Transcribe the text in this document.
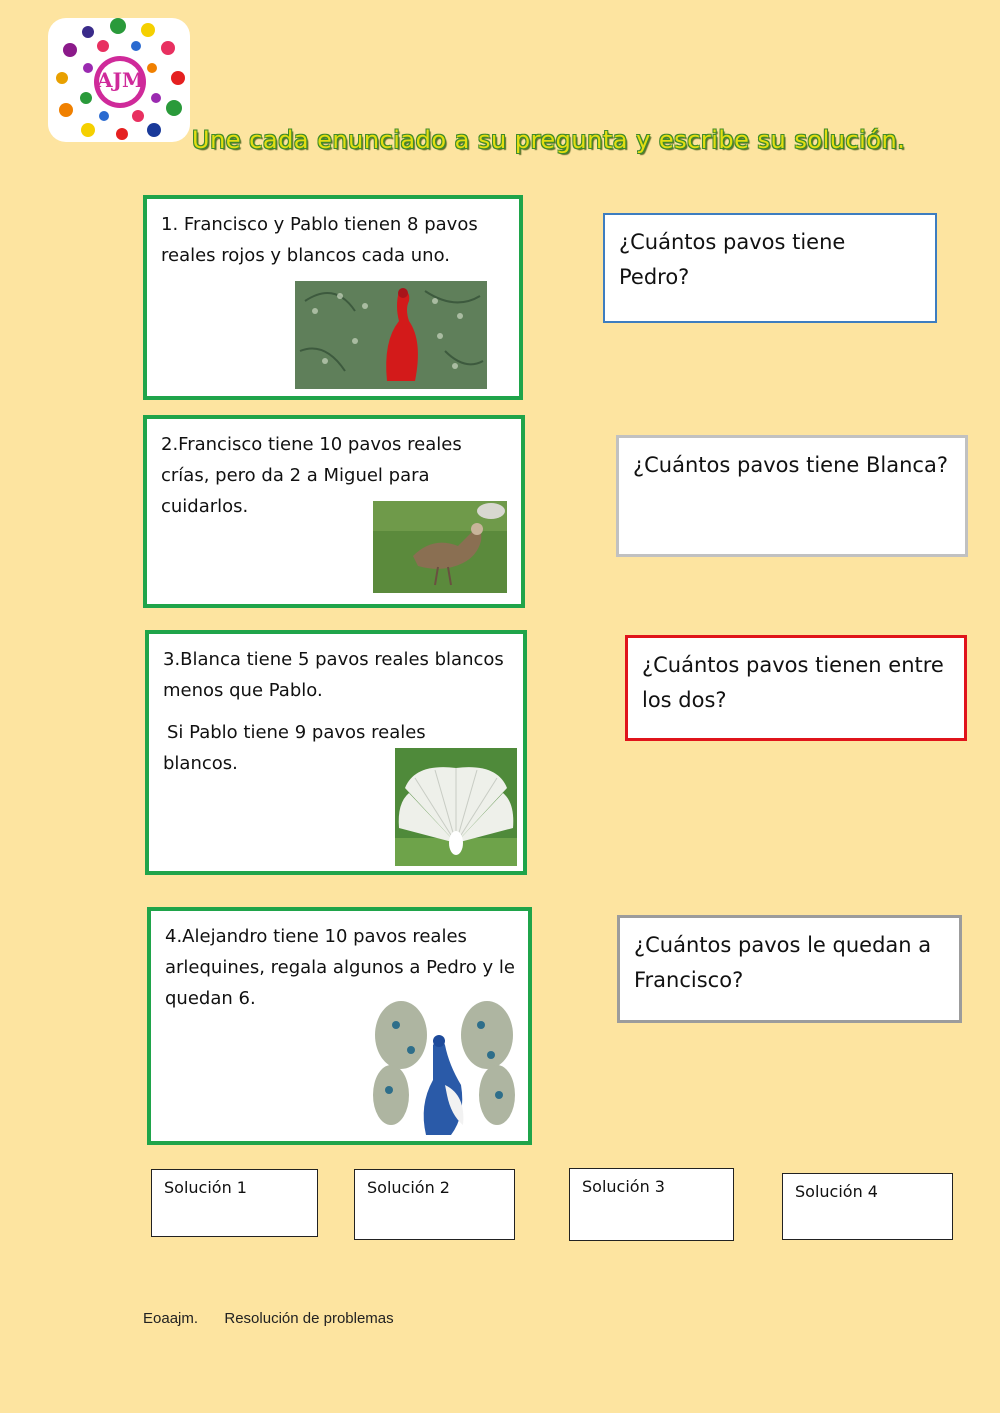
AJM
Une cada enunciado a su pregunta y escribe su solución.

1. Francisco y Pablo tienen 8 pavos reales rojos y blancos cada uno.

2.Francisco tiene 10 pavos reales crías, pero da 2 a Miguel para cuidarlos.

3.Blanca tiene 5 pavos reales blancos menos que Pablo.

Si Pablo tiene 9 pavos reales blancos.

4.Alejandro tiene 10 pavos reales arlequines, regala algunos a Pedro y le quedan 6.

¿Cuántos pavos tiene Pedro?
¿Cuántos pavos tiene Blanca?
¿Cuántos pavos tienen entre los dos?
¿Cuántos pavos le quedan a Francisco?
Solución 1	Solución 2	Solución 3	Solución 4
Eoaajm. Resolución de problemas
